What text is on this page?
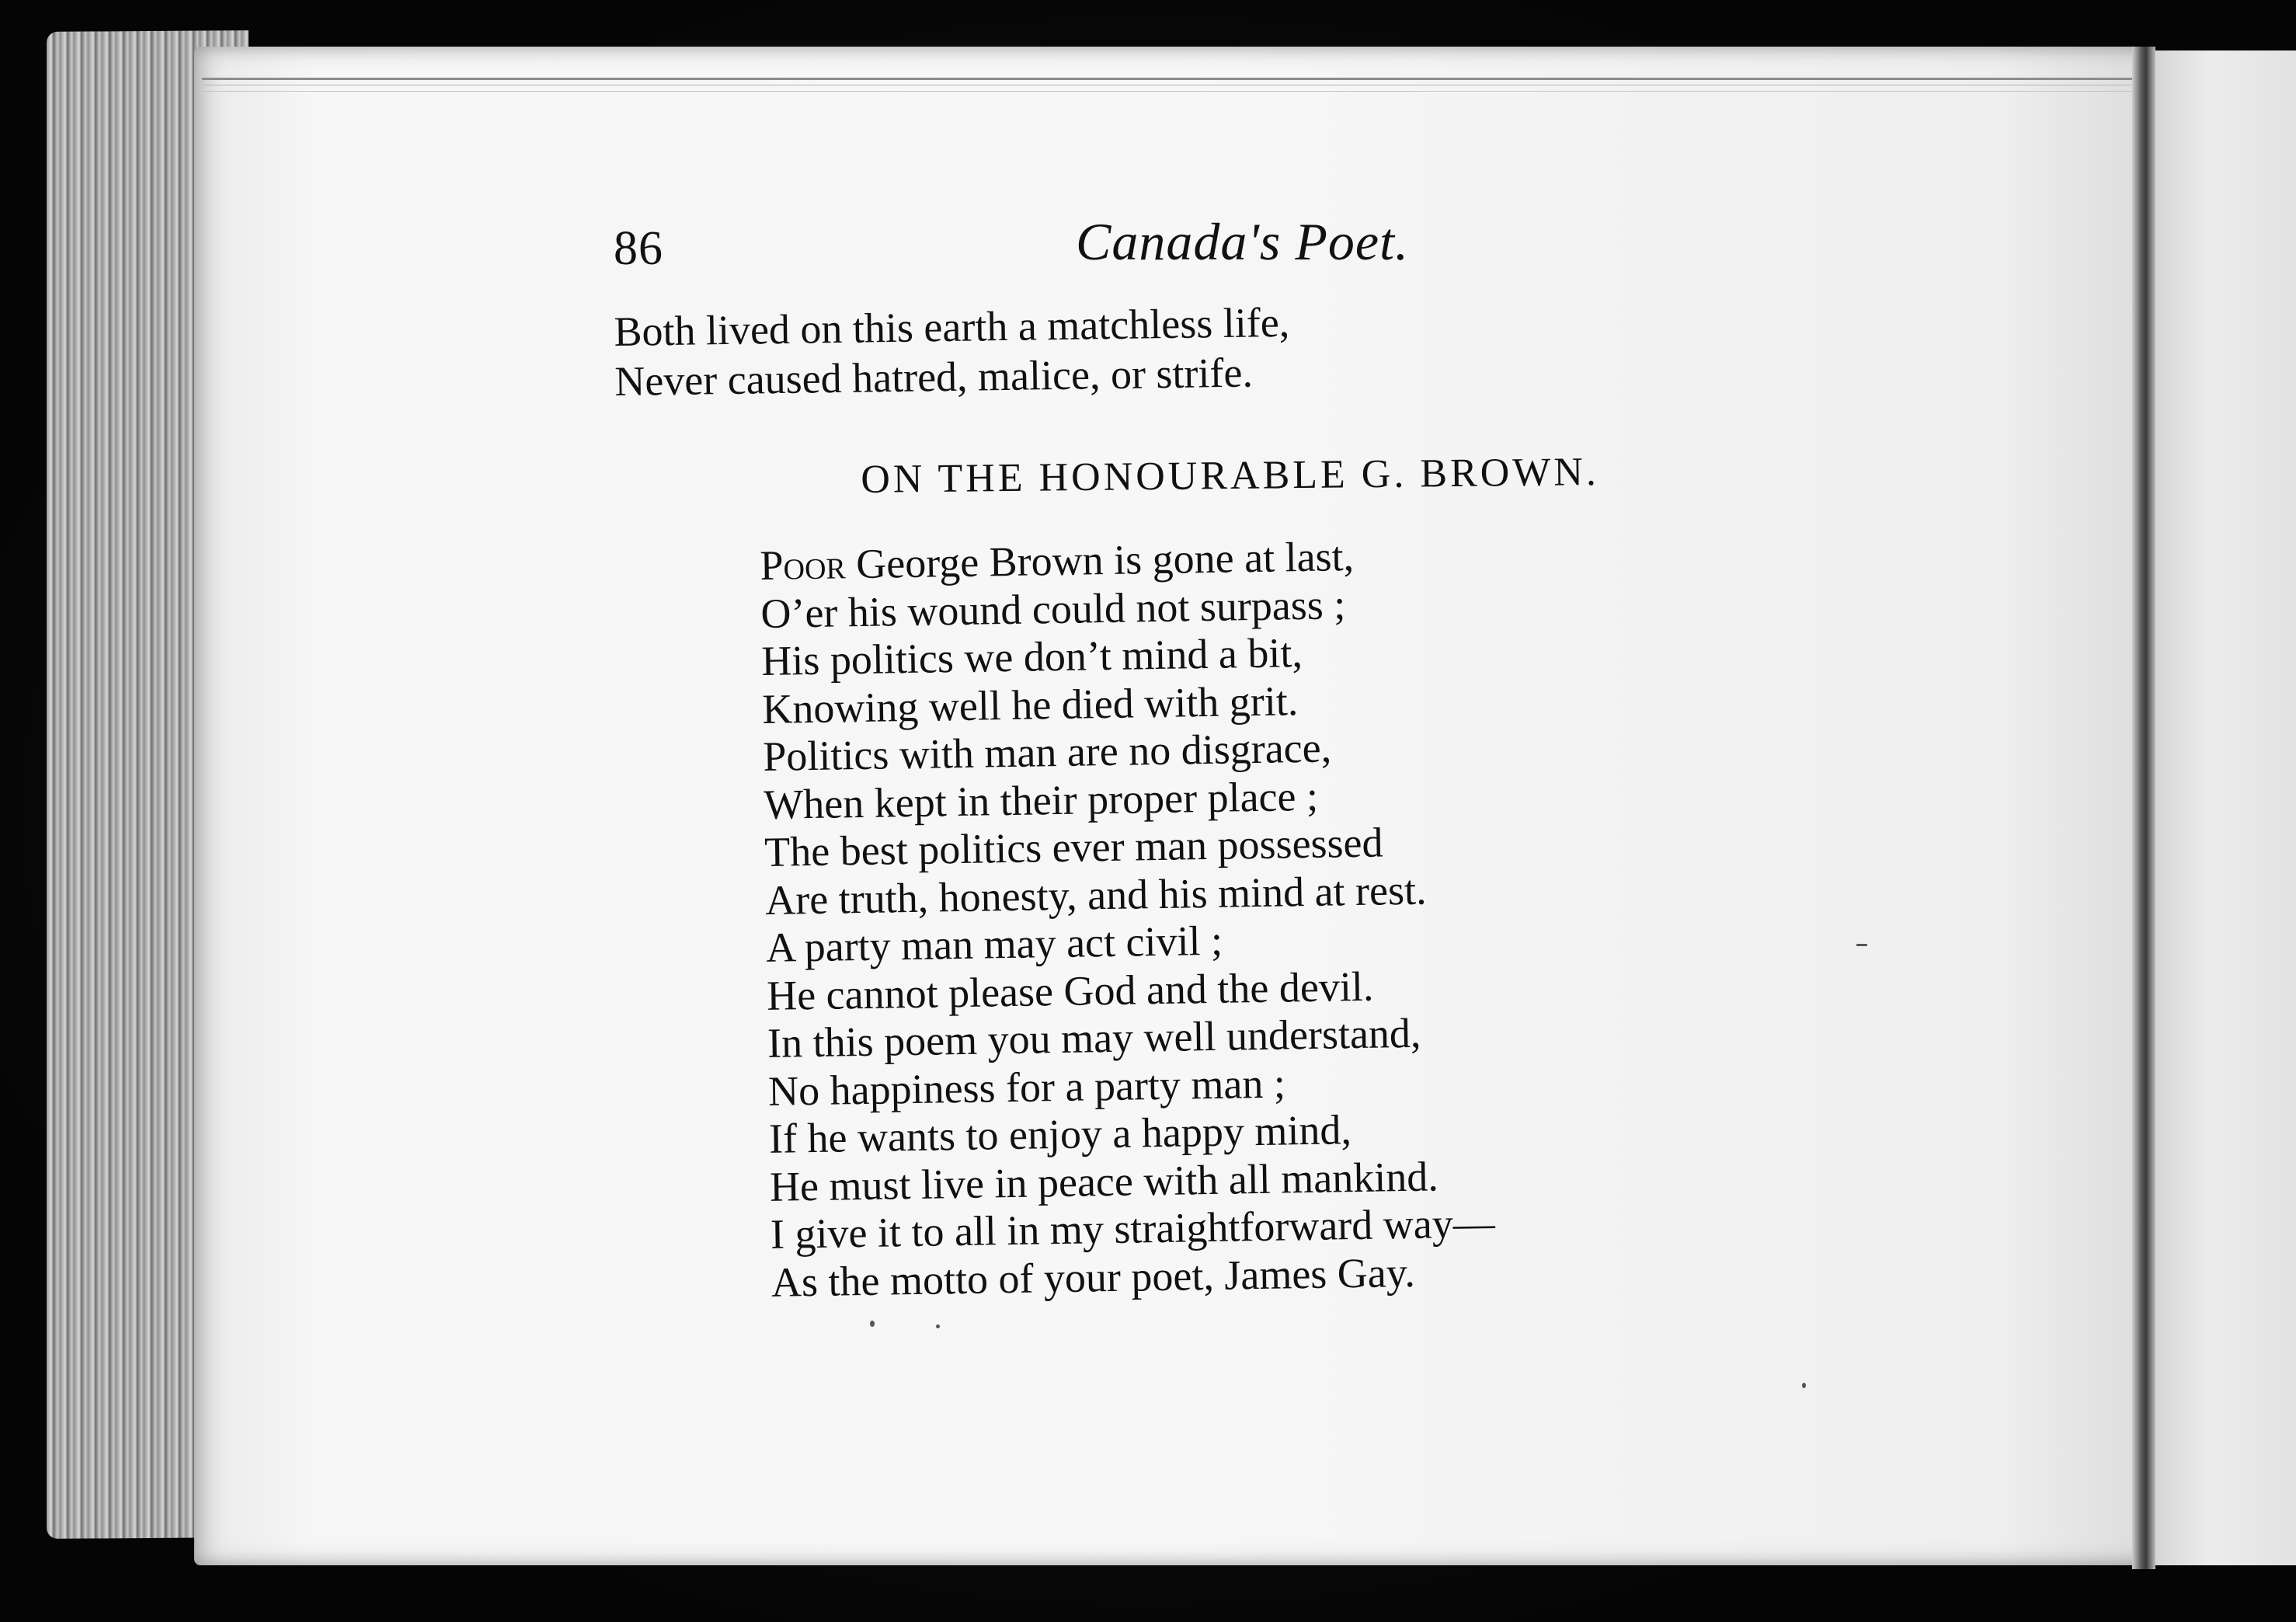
86	Canada's Poet.
Both lived on this earth a matchless life,
Never caused hatred, malice, or strife.
ON THE HONOURABLE G. BROWN.
Poor George Brown is gone at last,
O’er his wound could not surpass ;
His politics we don’t mind a bit,
Knowing well he died with grit.
Politics with man are no disgrace,
When kept in their proper place ;
The best politics ever man possessed
Are truth, honesty, and his mind at rest.
A party man may act civil ;
He cannot please God and the devil.
In this poem you may well understand,
No happiness for a party man ;
If he wants to enjoy a happy mind,
He must live in peace with all mankind.
I give it to all in my straightforward way—
As the motto of your poet, James Gay.
